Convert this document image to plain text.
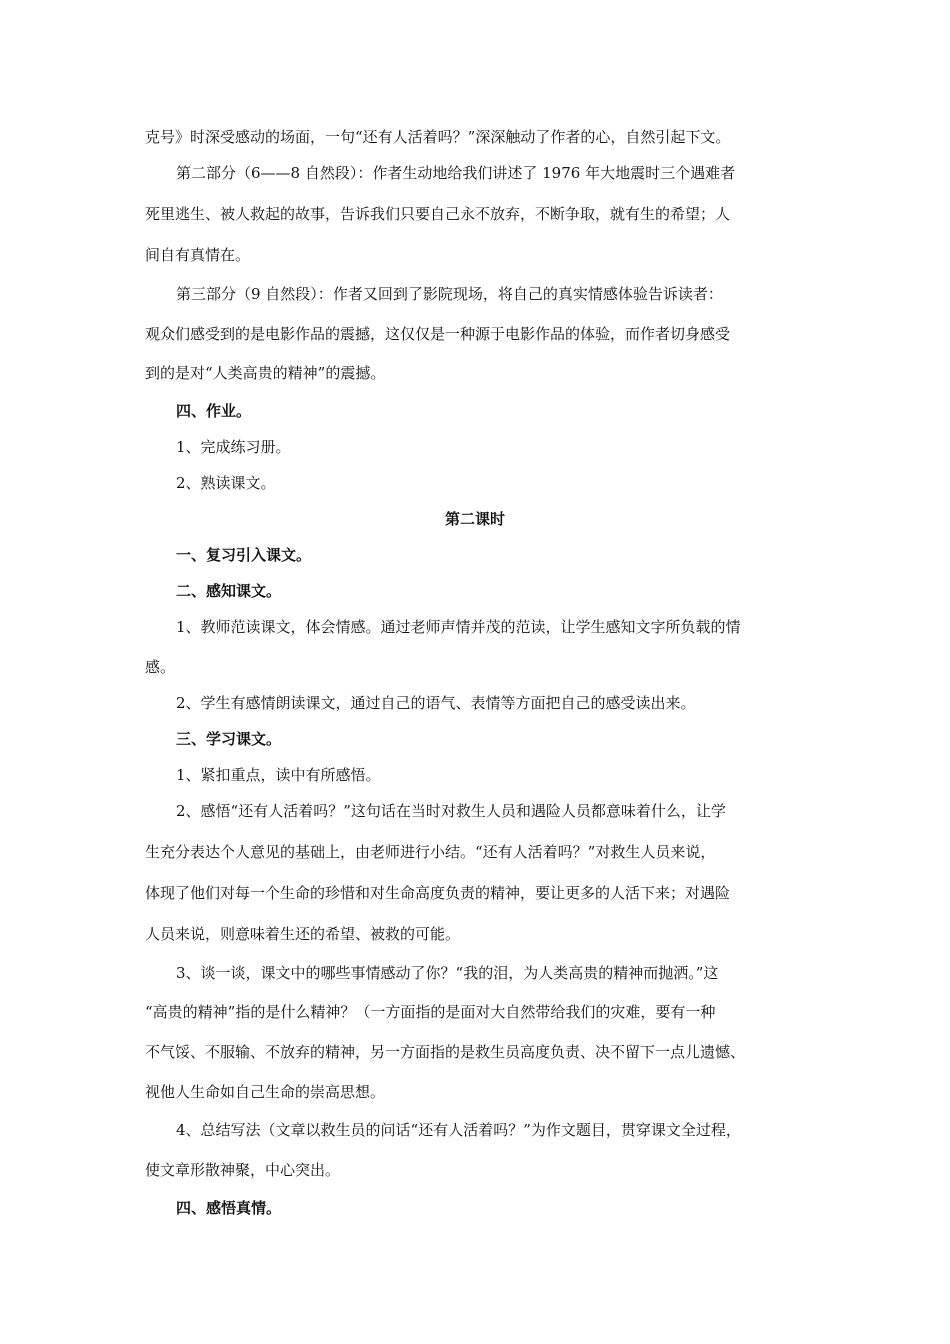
克号》时深受感动的场面，一句“还有人活着吗？”深深触动了作者的心，自然引起下文。
第二部分（6——8 自然段）：作者生动地给我们讲述了 1976 年大地震时三个遇难者
死里逃生、被人救起的故事，告诉我们只要自己永不放弃，不断争取，就有生的希望；人
间自有真情在。
第三部分（9 自然段）：作者又回到了影院现场，将自己的真实情感体验告诉读者：
观众们感受到的是电影作品的震撼，这仅仅是一种源于电影作品的体验，而作者切身感受
到的是对“人类高贵的精神”的震撼。
四、作业。
1、完成练习册。
2、熟读课文。
第二课时
一、复习引入课文。
二、感知课文。
1、教师范读课文，体会情感。通过老师声情并茂的范读，让学生感知文字所负载的情
感。
2、学生有感情朗读课文，通过自己的语气、表情等方面把自己的感受读出来。
三、学习课文。
1、紧扣重点，读中有所感悟。
2、感悟“还有人活着吗？”这句话在当时对救生人员和遇险人员都意味着什么，让学
生充分表达个人意见的基础上，由老师进行小结。“还有人活着吗？”对救生人员来说，
体现了他们对每一个生命的珍惜和对生命高度负责的精神，要让更多的人活下来；对遇险
人员来说，则意味着生还的希望、被救的可能。
3、谈一谈，课文中的哪些事情感动了你？“我的泪，为人类高贵的精神而抛洒。”这
“高贵的精神”指的是什么精神？（一方面指的是面对大自然带给我们的灾难，要有一种
不气馁、不服输、不放弃的精神，另一方面指的是救生员高度负责、决不留下一点儿遗憾、
视他人生命如自己生命的崇高思想。
4、总结写法（文章以救生员的问话“还有人活着吗？”为作文题目，贯穿课文全过程，
使文章形散神聚，中心突出。
四、感悟真情。
